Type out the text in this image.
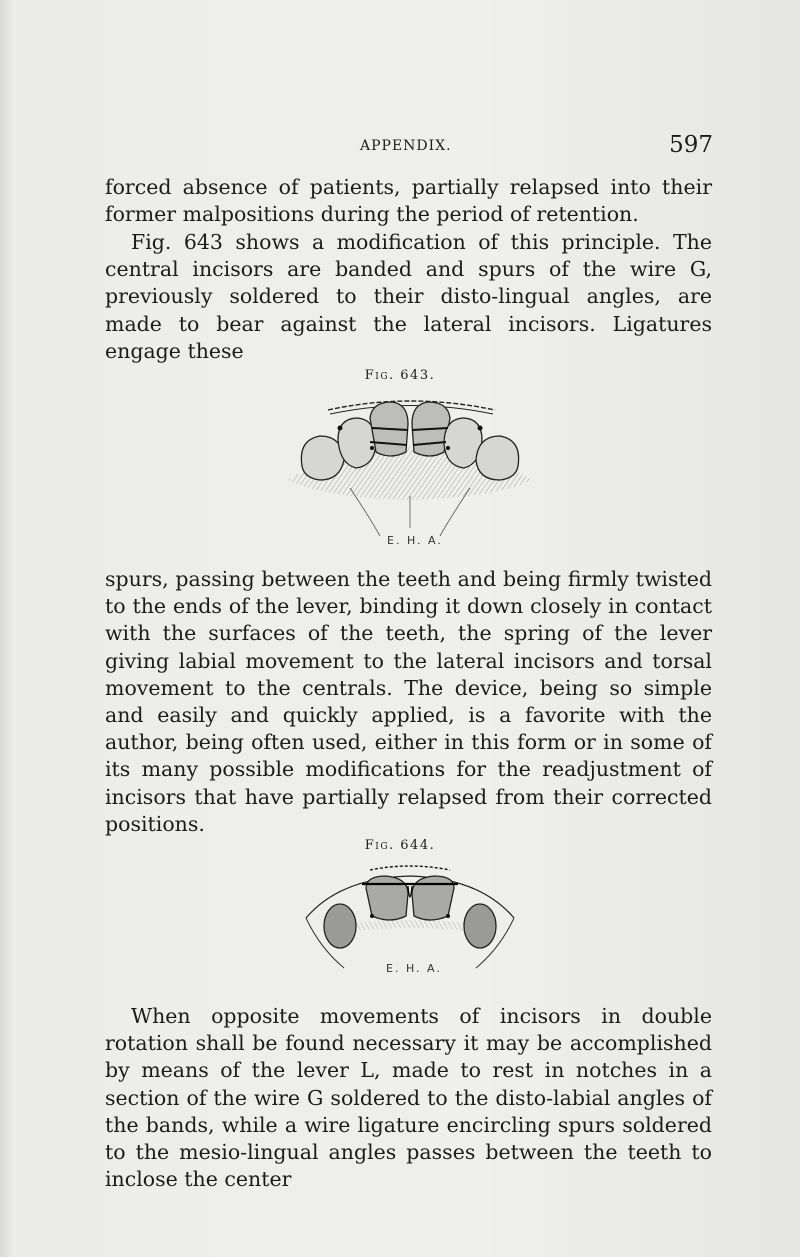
APPENDIX.	597

forced absence of patients, partially relapsed into their former malpositions during the period of retention.

Fig. 643 shows a modification of this principle. The central incisors are banded and spurs of the wire G, previously soldered to their disto-lingual angles, are made to bear against the lateral incisors. Ligatures engage these

Fig. 643.
E. H. A.

spurs, passing between the teeth and being firmly twisted to the ends of the lever, binding it down closely in contact with the surfaces of the teeth, the spring of the lever giving labial movement to the lateral incisors and torsal movement to the centrals. The device, being so simple and easily and quickly applied, is a favorite with the author, being often used, either in this form or in some of its many possible modifications for the readjustment of incisors that have partially relapsed from their corrected positions.

Fig. 644.
E. H. A.

When opposite movements of incisors in double rotation shall be found necessary it may be accomplished by means of the lever L, made to rest in notches in a section of the wire G soldered to the disto-labial angles of the bands, while a wire ligature encircling spurs soldered to the mesio-lingual angles passes between the teeth to inclose the center
